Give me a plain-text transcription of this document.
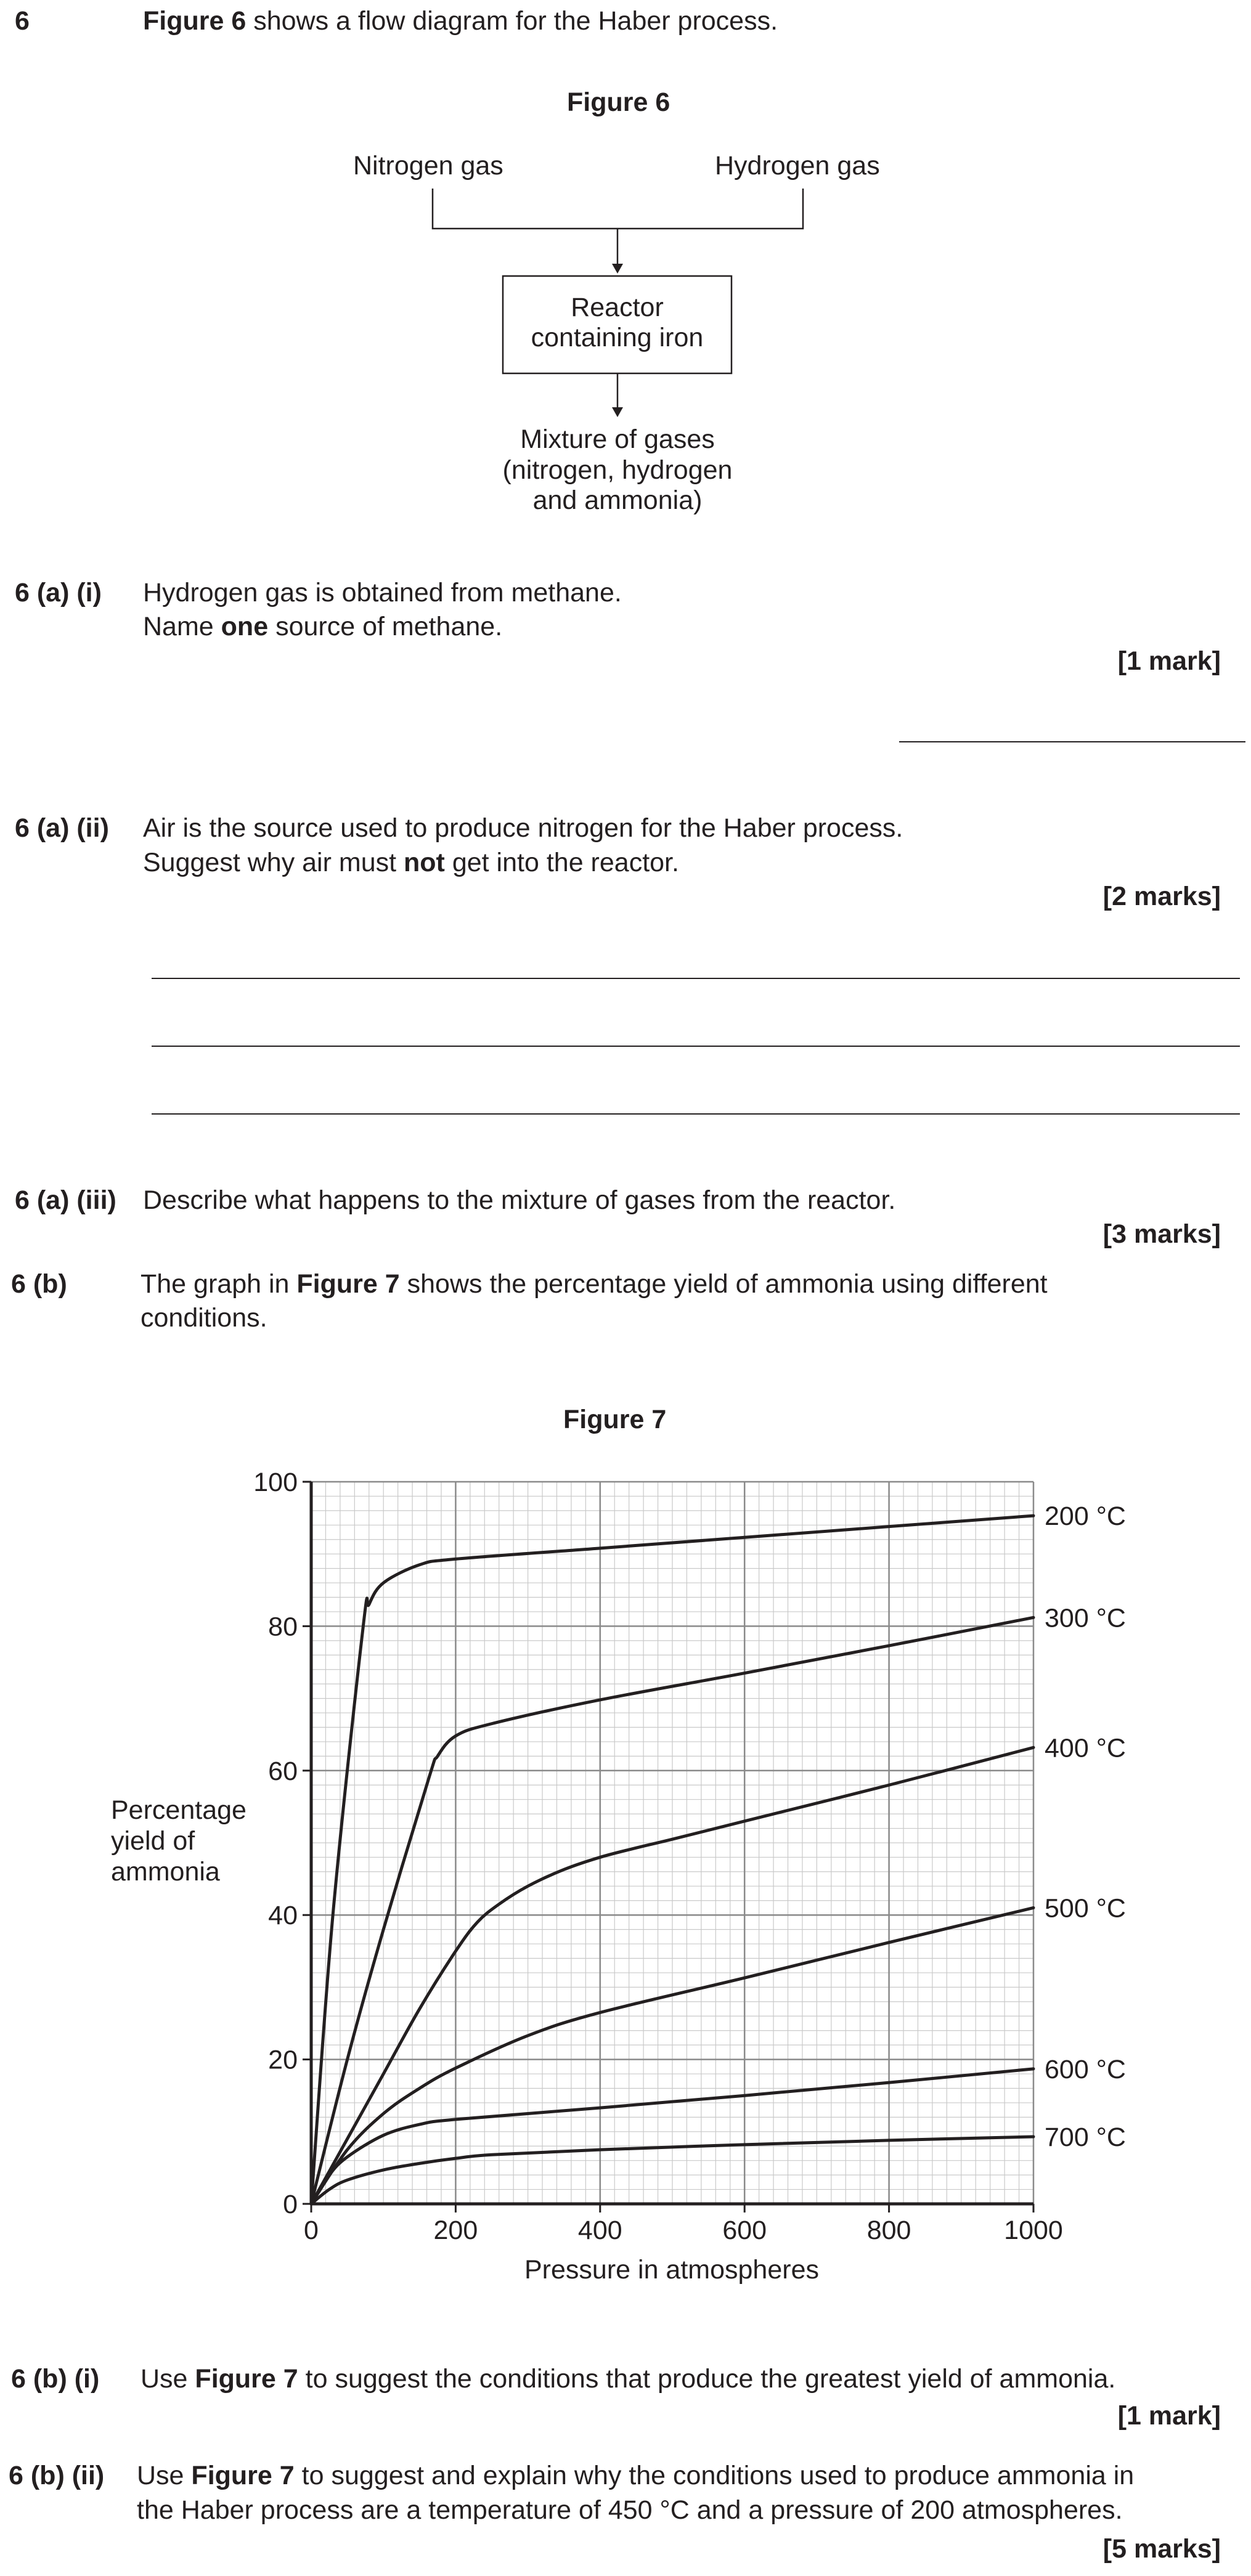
6	Figure 6 shows a flow diagram for the Haber process.
Figure 6
Nitrogen gas	Hydrogen gas
Reactor
containing iron
Mixture of gases
(nitrogen, hydrogen
and ammonia)
6 (a) (i) Hydrogen gas is obtained from methane.
Name one source of methane.
[1 mark]
6 (a) (ii) Air is the source used to produce nitrogen for the Haber process.
Suggest why air must not get into the reactor.
[2 marks]
6 (a) (iii) Describe what happens to the mixture of gases from the reactor.
[3 marks]
6 (b)	The graph in Figure 7 shows the percentage yield of ammonia using different
conditions.
Figure 7
0	200	400	600	800	1000
0
20
40
60
80
100
200 °C
300 °C
400 °C
500 °C
600 °C
700 °C
Percentage
yield of
ammonia
Pressure in atmospheres
6 (b) (i) Use Figure 7 to suggest the conditions that produce the greatest yield of ammonia.
[1 mark]
6 (b) (ii) Use Figure 7 to suggest and explain why the conditions used to produce ammonia in
the Haber process are a temperature of 450 °C and a pressure of 200 atmospheres.
[5 marks]
